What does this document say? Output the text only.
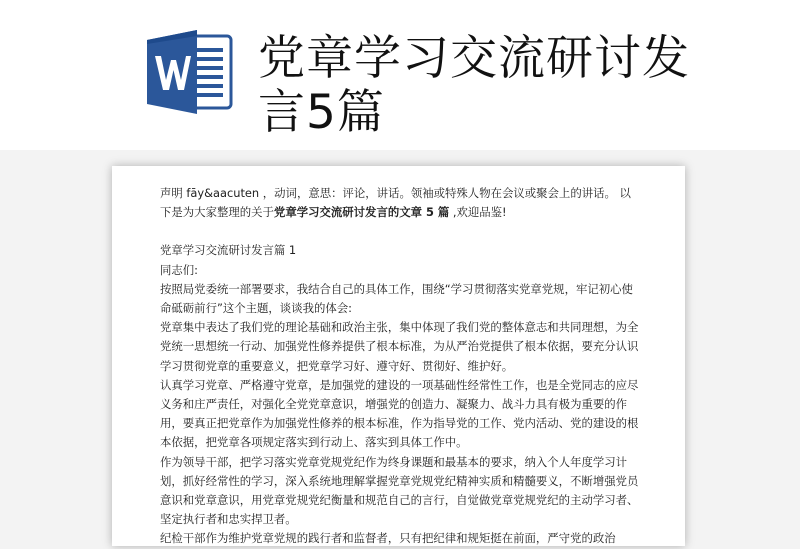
党章学习交流研讨发言5篇

声明 fāy&aacuten ，动词，意思：评论，讲话。领袖或特殊人物在会议或聚会上的讲话。 以下是为大家整理的关于党章学习交流研讨发言的文章 5 篇 ,欢迎品鉴!

党章学习交流研讨发言篇 1

同志们:

按照局党委统一部署要求，我结合自己的具体工作，围绕“学习贯彻落实党章党规，牢记初心使命砥砺前行”这个主题，谈谈我的体会:

党章集中表达了我们党的理论基础和政治主张，集中体现了我们党的整体意志和共同理想，为全党统一思想统一行动、加强党性修养提供了根本标准，为从严治党提供了根本依据，要充分认识学习贯彻党章的重要意义，把党章学习好、遵守好、贯彻好、维护好。

认真学习党章、严格遵守党章，是加强党的建设的一项基础性经常性工作，也是全党同志的应尽义务和庄严责任，对强化全党党章意识，增强党的创造力、凝聚力、战斗力具有极为重要的作用，要真正把党章作为加强党性修养的根本标准，作为指导党的工作、党内活动、党的建设的根本依据，把党章各项规定落实到行动上、落实到具体工作中。

作为领导干部，把学习落实党章党规党纪作为终身课题和最基本的要求，纳入个人年度学习计划，抓好经常性的学习，深入系统地理解掌握党章党规党纪精神实质和精髓要义，不断增强党员意识和党章意识，用党章党规党纪衡量和规范自己的言行，自觉做党章党规党纪的主动学习者、坚定执行者和忠实捍卫者。

纪检干部作为维护党章党规的践行者和监督者，只有把纪律和规矩挺在前面，严守党的政治
